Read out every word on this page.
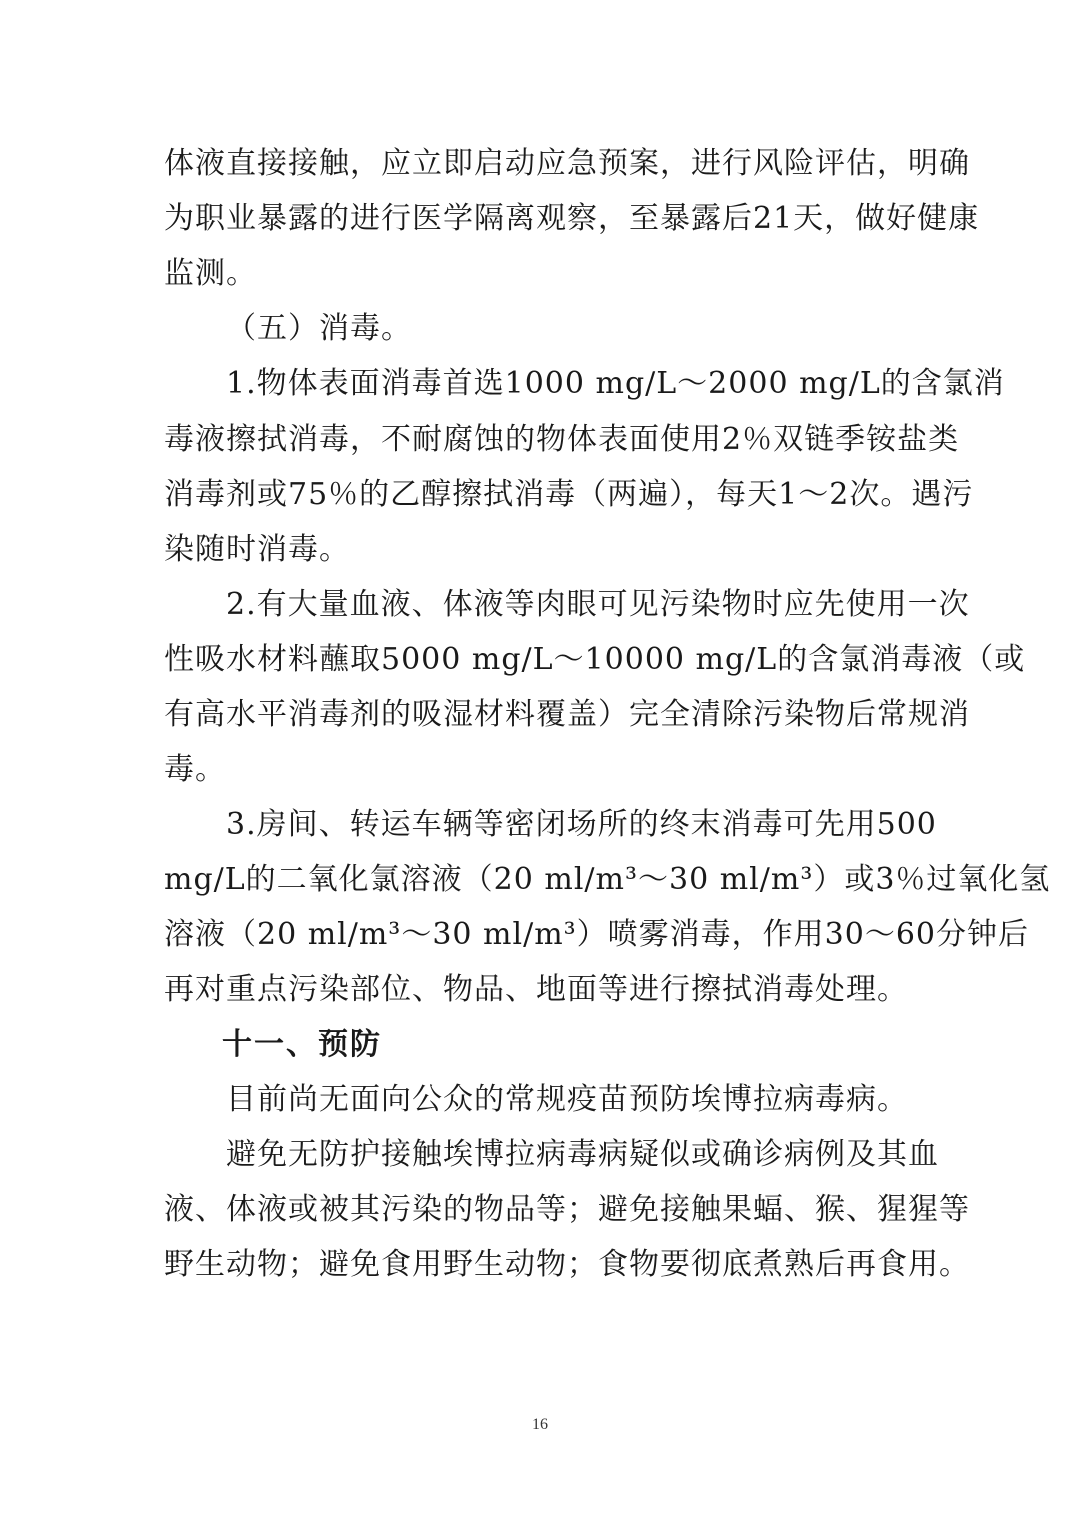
体液直接接触，应立即启动应急预案，进行风险评估，明确
为职业暴露的进行医学隔离观察，至暴露后21天，做好健康
监测。
（五）消毒。
1.物体表面消毒首选1000 mg/L～2000 mg/L的含氯消
毒液擦拭消毒，不耐腐蚀的物体表面使用2％双链季铵盐类
消毒剂或75％的乙醇擦拭消毒（两遍），每天1～2次。遇污
染随时消毒。
2.有大量血液、体液等肉眼可见污染物时应先使用一次
性吸水材料蘸取5000 mg/L～10000 mg/L的含氯消毒液（或
有高水平消毒剂的吸湿材料覆盖）完全清除污染物后常规消
毒。
3.房间、转运车辆等密闭场所的终末消毒可先用500
mg/L的二氧化氯溶液（20 ml/m³～30 ml/m³）或3％过氧化氢
溶液（20 ml/m³～30 ml/m³）喷雾消毒，作用30～60分钟后
再对重点污染部位、物品、地面等进行擦拭消毒处理。
十一、预防
目前尚无面向公众的常规疫苗预防埃博拉病毒病。
避免无防护接触埃博拉病毒病疑似或确诊病例及其血
液、体液或被其污染的物品等；避免接触果蝠、猴、猩猩等
野生动物；避免食用野生动物；食物要彻底煮熟后再食用。
16
